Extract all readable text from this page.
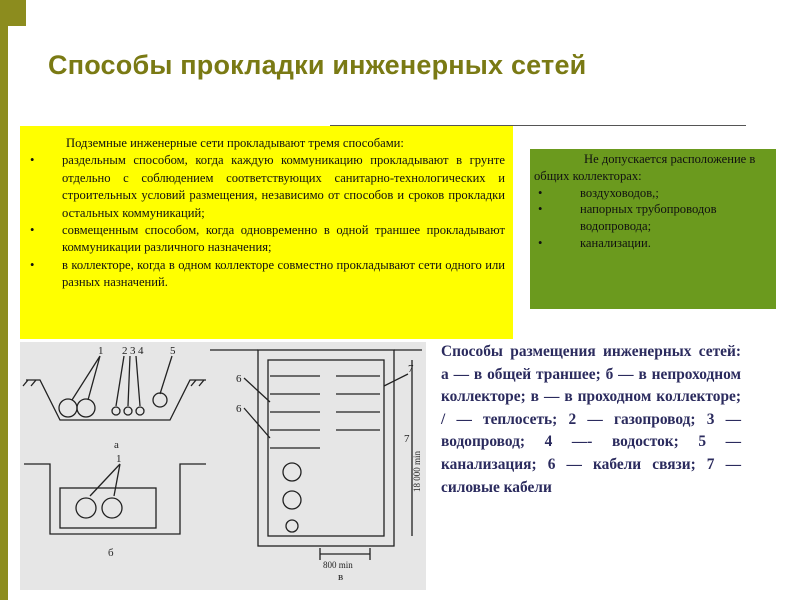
Способы прокладки инженерных сетей

Подземные инженерные сети прокладывают тремя способами:

• раздельным способом, когда каждую коммуникацию прокладывают в грунте отдельно с соблюдением соответствующих санитарно-технологических и строительных условий размещения, независимо от способов и сроков прокладки остальных коммуникаций;
• совмещенным способом, когда одновременно в одной траншее прокладывают коммуникации различного назначения;
• в коллекторе, когда в одном коллекторе совместно прокладывают сети одного или разных назначений.

Не допускается расположение в общих коллекторах:

•	воздуховодов,;
•	напорных трубопроводов водопровода;
•	канализации.

Способы размещения инженерных сетей: а — в общей траншее; б — в непроходном коллекторе; в — в проходном коллекторе; / — теплосеть; 2 — газопровод; 3 — водопровод; 4 —- водосток; 5 — канализация; 6 — кабели связи; 7 — силовые кабели

1 2 3 4 5
а
1
б
6
6
7
7
в
800 min
18 000 min
